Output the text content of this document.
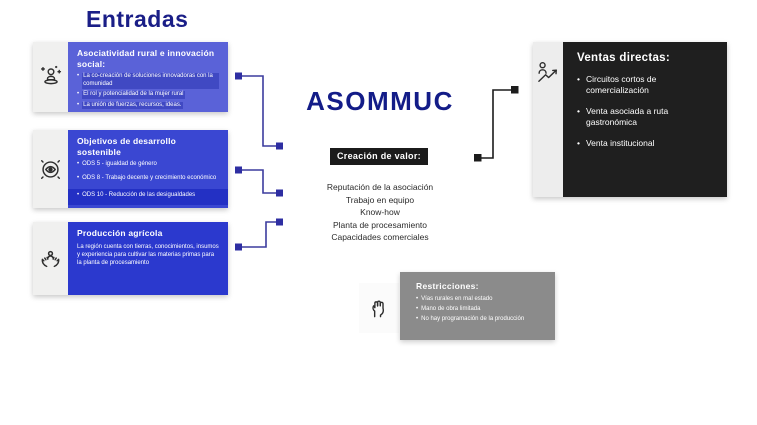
Entradas
Asociatividad rural e innovación social:
• La co-creación de soluciones innovadoras con la comunidad
• El rol y potencialidad de la mujer rural
• La unión de fuerzas, recursos, ideas.
Objetivos de desarrollo sostenible
• ODS 5 - igualdad de género
• ODS 8 - Trabajo decente y crecimiento económico
• ODS 10 - Reducción de las desigualdades
Producción agrícola
La región cuenta con tierras, conocimientos, insumos y experiencia para cultivar las materias primas para la planta de procesamiento
ASOMMUC
Creación de valor:
Reputación de la asociación
Trabajo en equipo
Know-how
Planta de procesamiento
Capacidades comerciales
Ventas directas:
• Circuitos cortos de comercialización
• Venta asociada a ruta gastronómica
• Venta institucional
Restricciones:
• Vías rurales en mal estado
• Mano de obra limitada
• No hay programación de la producción
